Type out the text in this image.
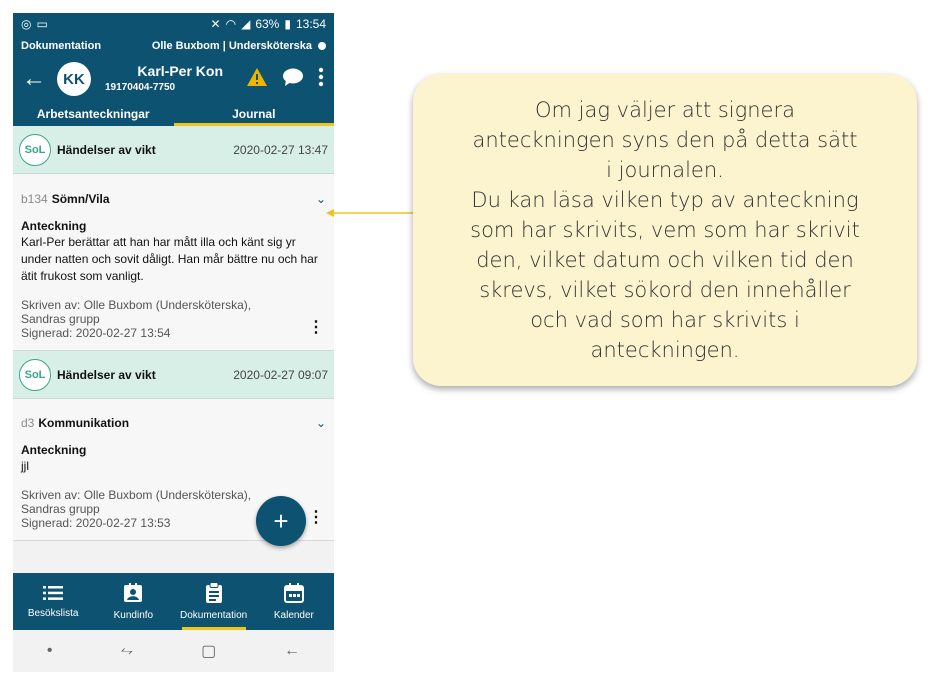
◎ ▭	✕ ◠ ◢ 63% ▮ 13:54
Dokumentation	Olle Buxbom | Undersköterska
←	KK	Karl-Per Kon
19170404-7750
Arbetsanteckningar	Journal
SoL Händelser av vikt	2020-02-27 13:47
b134 Sömn/Vila	⌄
Anteckning
Karl-Per berättar att han har mått illa och känt sig yr under natten och sovit dåligt. Han mår bättre nu och har ätit frukost som vanligt.
Skriven av: Olle Buxbom (Undersköterska),
Sandras grupp
Signerad: 2020-02-27 13:54	⋮
SoL Händelser av vikt	2020-02-27 09:07
d3 Kommunikation	⌄
Anteckning
jjl
Skriven av: Olle Buxbom (Undersköterska),
Sandras grupp
Signerad: 2020-02-27 13:53	⋮
+
Besökslista	Kundinfo	Dokumentation	Kalender
•	⥊	▢	←
Om jag väljer att signera
anteckningen syns den på detta sätt
i journalen.
Du kan läsa vilken typ av anteckning
som har skrivits, vem som har skrivit
den, vilket datum och vilken tid den
skrevs, vilket sökord den innehåller
och vad som har skrivits i
anteckningen.
